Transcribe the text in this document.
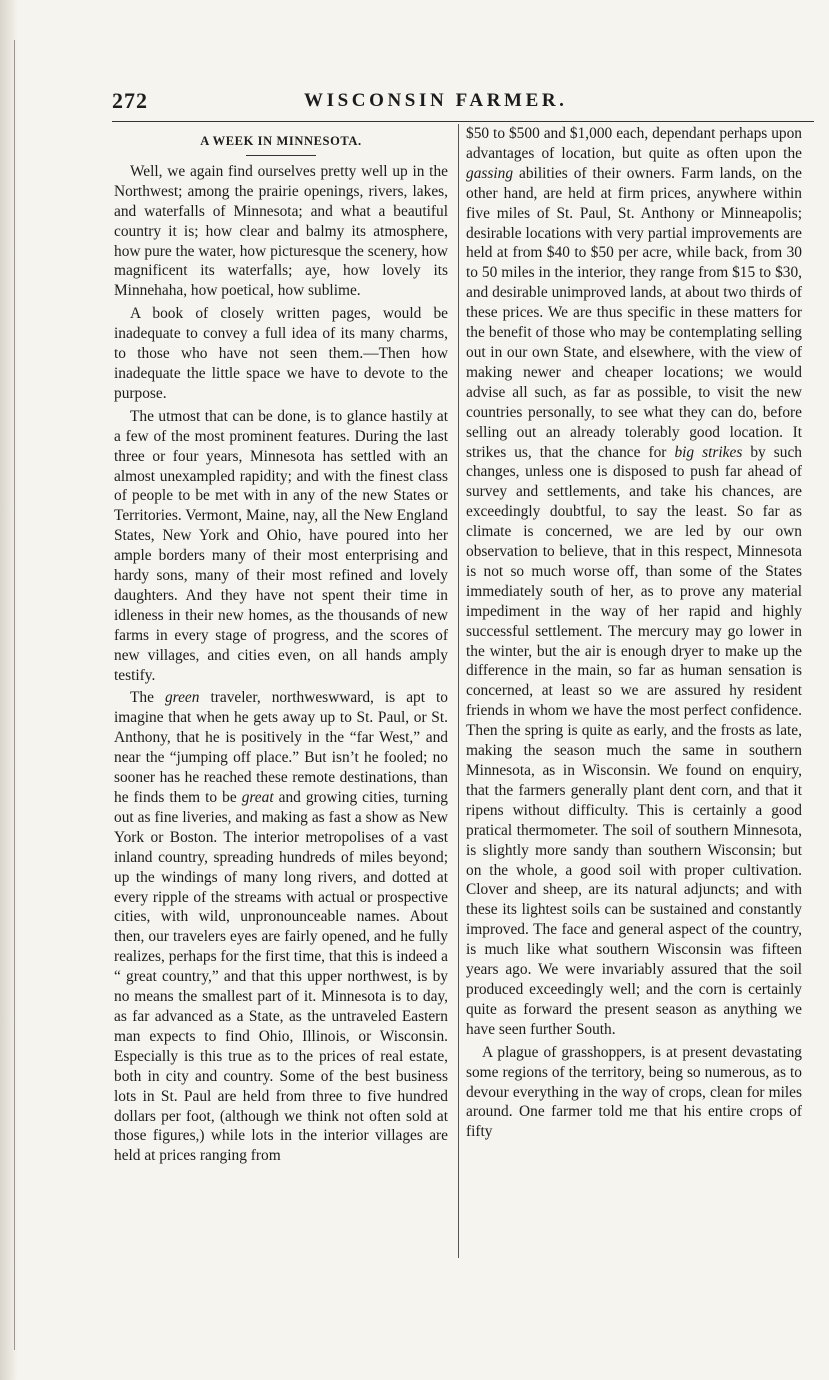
272	WISCONSIN FARMER.
A WEEK IN MINNESOTA.

Well, we again find ourselves pretty well up in the Northwest; among the prairie openings, rivers, lakes, and waterfalls of Minnesota; and what a beautiful country it is; how clear and balmy its atmosphere, how pure the water, how picturesque the scenery, how magnificent its waterfalls; aye, how lovely its Minnehaha, how poetical, how sublime.

A book of closely written pages, would be inadequate to convey a full idea of its many charms, to those who have not seen them.—Then how inadequate the little space we have to devote to the purpose.

The utmost that can be done, is to glance hastily at a few of the most prominent features. During the last three or four years, Minnesota has settled with an almost unexampled rapidity; and with the finest class of people to be met with in any of the new States or Territories. Vermont, Maine, nay, all the New England States, New York and Ohio, have poured into her ample borders many of their most enterprising and hardy sons, many of their most refined and lovely daughters. And they have not spent their time in idleness in their new homes, as the thousands of new farms in every stage of progress, and the scores of new villages, and cities even, on all hands amply testify.

The green traveler, northweswward, is apt to imagine that when he gets away up to St. Paul, or St. Anthony, that he is positively in the “far West,” and near the “jumping off place.” But isn’t he fooled; no sooner has he reached these remote destinations, than he finds them to be great and growing cities, turning out as fine liveries, and making as fast a show as New York or Boston. The interior metropolises of a vast inland country, spreading hundreds of miles beyond; up the windings of many long rivers, and dotted at every ripple of the streams with actual or prospective cities, with wild, unpronounceable names. About then, our travelers eyes are fairly opened, and he fully realizes, perhaps for the first time, that this is indeed a “ great country,” and that this upper northwest, is by no means the smallest part of it. Minnesota is to day, as far advanced as a State, as the untraveled Eastern man expects to find Ohio, Illinois, or Wisconsin. Especially is this true as to the prices of real estate, both in city and country. Some of the best business lots in St. Paul are held from three to five hundred dollars per foot, (although we think not often sold at those figures,) while lots in the interior villages are held at prices ranging from

$50 to $500 and $1,000 each, dependant perhaps upon advantages of location, but quite as often upon the gassing abilities of their owners. Farm lands, on the other hand, are held at firm prices, anywhere within five miles of St. Paul, St. Anthony or Minneapolis; desirable locations with very partial improvements are held at from $40 to $50 per acre, while back, from 30 to 50 miles in the interior, they range from $15 to $30, and desirable unimproved lands, at about two thirds of these prices. We are thus specific in these matters for the benefit of those who may be contemplating selling out in our own State, and elsewhere, with the view of making newer and cheaper locations; we would advise all such, as far as possible, to visit the new countries personally, to see what they can do, before selling out an already tolerably good location. It strikes us, that the chance for big strikes by such changes, unless one is disposed to push far ahead of survey and settlements, and take his chances, are exceedingly doubtful, to say the least. So far as climate is concerned, we are led by our own observation to believe, that in this respect, Minnesota is not so much worse off, than some of the States immediately south of her, as to prove any material impediment in the way of her rapid and highly successful settlement. The mercury may go lower in the winter, but the air is enough dryer to make up the difference in the main, so far as human sensation is concerned, at least so we are assured hy resident friends in whom we have the most perfect confidence. Then the spring is quite as early, and the frosts as late, making the season much the same in southern Minnesota, as in Wisconsin. We found on enquiry, that the farmers generally plant dent corn, and that it ripens without difficulty. This is certainly a good pratical thermometer. The soil of southern Minnesota, is slightly more sandy than southern Wisconsin; but on the whole, a good soil with proper cultivation. Clover and sheep, are its natural adjuncts; and with these its lightest soils can be sustained and constantly improved. The face and general aspect of the country, is much like what southern Wisconsin was fifteen years ago. We were invariably assured that the soil produced exceedingly well; and the corn is certainly quite as forward the present season as anything we have seen further South.

A plague of grasshoppers, is at present devastating some regions of the territory, being so numerous, as to devour everything in the way of crops, clean for miles around. One farmer told me that his entire crops of fifty
